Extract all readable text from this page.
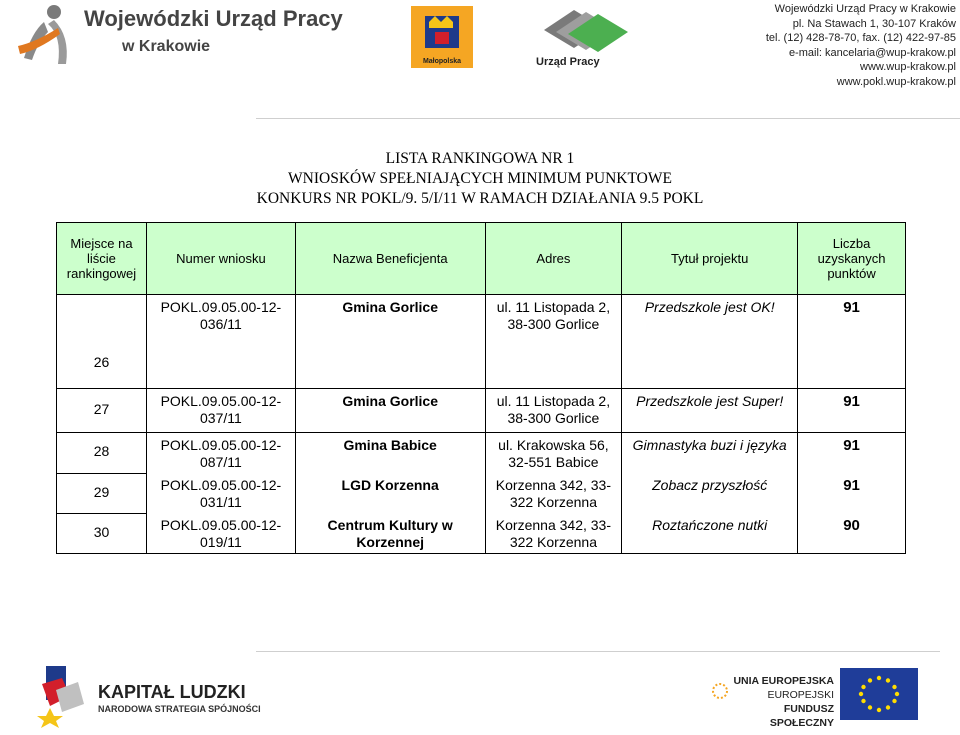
Wojewódzki Urząd Pracy
w Krakowie
Małopolska	Urząd Pracy
Wojewódzki Urząd Pracy w Krakowie
pl. Na Stawach 1, 30-107 Kraków
tel. (12) 428-78-70, fax. (12) 422-97-85
e-mail: kancelaria@wup-krakow.pl
www.wup-krakow.pl
www.pokl.wup-krakow.pl
LISTA RANKINGOWA NR 1
WNIOSKÓW SPEŁNIAJĄCYCH MINIMUM PUNKTOWE
KONKURS NR POKL/9. 5/I/11 W RAMACH DZIAŁANIA 9.5 POKL
Miejsce na liście rankingowej	Numer wniosku	Nazwa Beneficjenta	Adres	Tytuł projektu	Liczba uzyskanych punktów
26	POKL.09.05.00-12-036/11	Gmina Gorlice	ul. 11 Listopada 2, 38-300 Gorlice	Przedszkole jest OK!	91
27	POKL.09.05.00-12-037/11	Gmina Gorlice	ul. 11 Listopada 2, 38-300 Gorlice	Przedszkole jest Super!	91
28	POKL.09.05.00-12-087/11	Gmina Babice	ul. Krakowska 56, 32-551 Babice	Gimnastyka buzi i języka	91
29	POKL.09.05.00-12-031/11	LGD Korzenna	Korzenna 342, 33-322 Korzenna	Zobacz przyszłość	91
30	POKL.09.05.00-12-019/11	Centrum Kultury w Korzennej	Korzenna 342, 33-322 Korzenna	Roztańczone nutki	90
KAPITAŁ LUDZKI
NARODOWA STRATEGIA SPÓJNOŚCI
UNIA EUROPEJSKA
EUROPEJSKI
FUNDUSZ SPOŁECZNY
